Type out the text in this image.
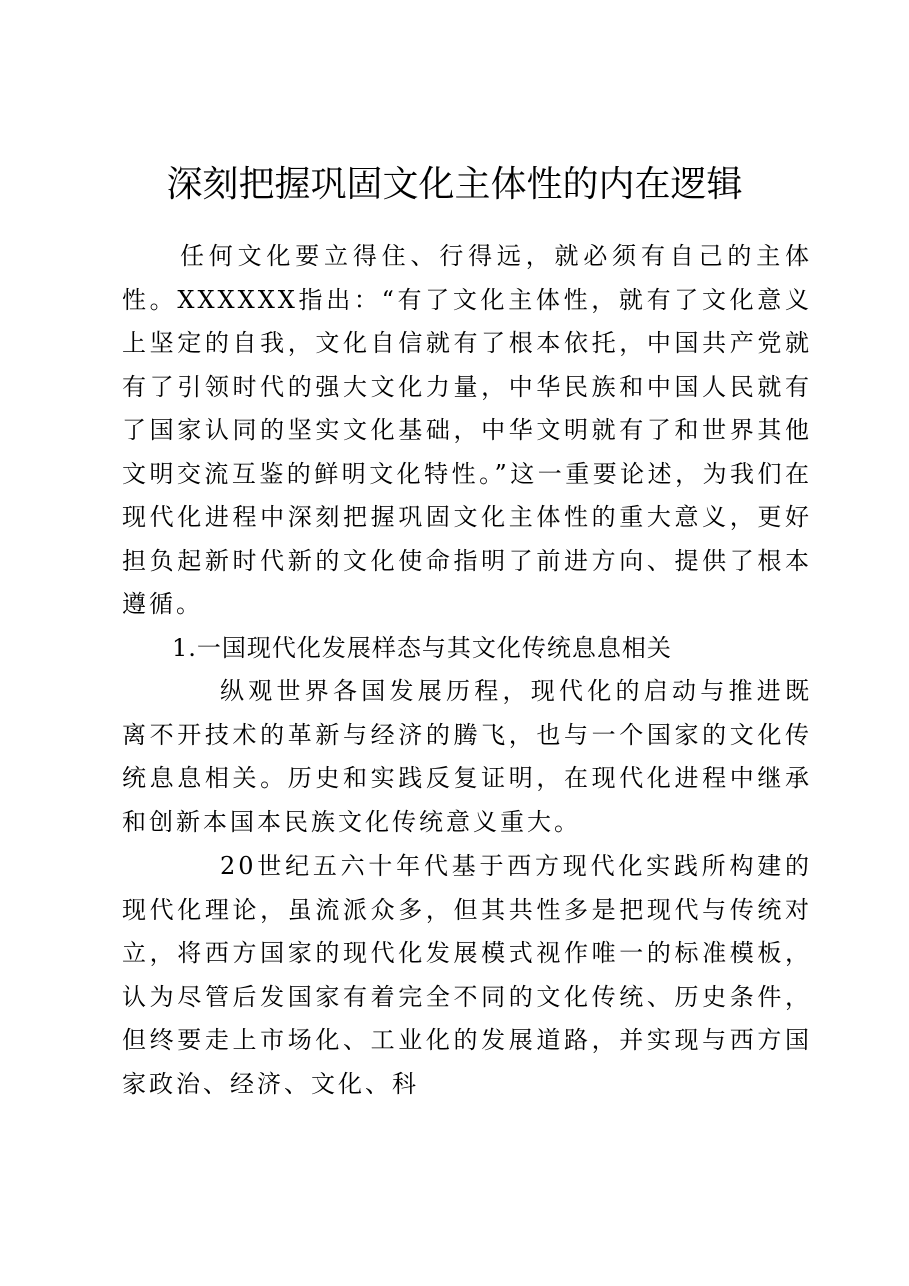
深刻把握巩固文化主体性的内在逻辑

任何文化要立得住、行得远，就必须有自己的主体性。XXXXXX指出：“有了文化主体性，就有了文化意义上坚定的自我，文化自信就有了根本依托，中国共产党就有了引领时代的强大文化力量，中华民族和中国人民就有了国家认同的坚实文化基础，中华文明就有了和世界其他文明交流互鉴的鲜明文化特性。”这一重要论述，为我们在现代化进程中深刻把握巩固文化主体性的重大意义，更好担负起新时代新的文化使命指明了前进方向、提供了根本遵循。

1.一国现代化发展样态与其文化传统息息相关

纵观世界各国发展历程，现代化的启动与推进既离不开技术的革新与经济的腾飞，也与一个国家的文化传统息息相关。历史和实践反复证明，在现代化进程中继承和创新本国本民族文化传统意义重大。

20世纪五六十年代基于西方现代化实践所构建的现代化理论，虽流派众多，但其共性多是把现代与传统对立，将西方国家的现代化发展模式视作唯一的标准模板，认为尽管后发国家有着完全不同的文化传统、历史条件，但终要走上市场化、工业化的发展道路，并实现与西方国家政治、经济、文化、科
